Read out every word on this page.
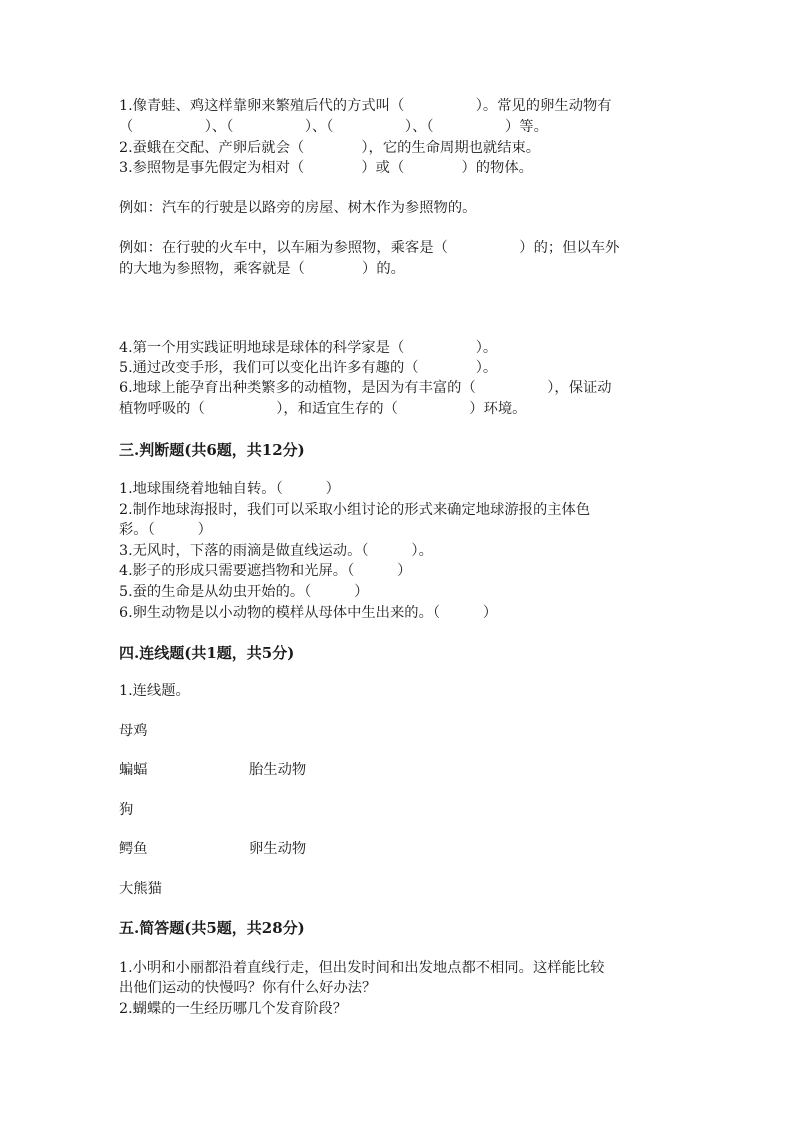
1.像青蛙、鸡这样靠卵来繁殖后代的方式叫（　　　　　）。常见的卵生动物有
（　　　　　）、（　　　　　）、（　　　　　）、（　　　　　）等。
2.蚕蛾在交配、产卵后就会（　　　　），它的生命周期也就结束。
3.参照物是事先假定为相对（　　　　）或（　　　　）的物体。
例如：汽车的行驶是以路旁的房屋、树木作为参照物的。
例如：在行驶的火车中，以车厢为参照物，乘客是（　　　　　）的；但以车外
的大地为参照物，乘客就是（　　　　）的。
4.第一个用实践证明地球是球体的科学家是（　　　　　）。
5.通过改变手形，我们可以变化出许多有趣的（　　　　）。
6.地球上能孕育出种类繁多的动植物，是因为有丰富的（　　　　　），保证动
植物呼吸的（　　　　　），和适宜生存的（　　　　　）环境。
三.判断题(共6题，共12分)
1.地球围绕着地轴自转。（　　　）
2.制作地球海报时，我们可以采取小组讨论的形式来确定地球游报的主体色
彩。（　　　）
3.无风时，下落的雨滴是做直线运动。（　　　）。
4.影子的形成只需要遮挡物和光屏。（　　　）
5.蚕的生命是从幼虫开始的。（　　　）
6.卵生动物是以小动物的模样从母体中生出来的。（　　　）
四.连线题(共1题，共5分)
1.连线题。
母鸡
蝙蝠	胎生动物
狗
鳄鱼	卵生动物
大熊猫
五.简答题(共5题，共28分)
1.小明和小丽都沿着直线行走，但出发时间和出发地点都不相同。这样能比较
出他们运动的快慢吗？你有什么好办法？
2.蝴蝶的一生经历哪几个发育阶段？
